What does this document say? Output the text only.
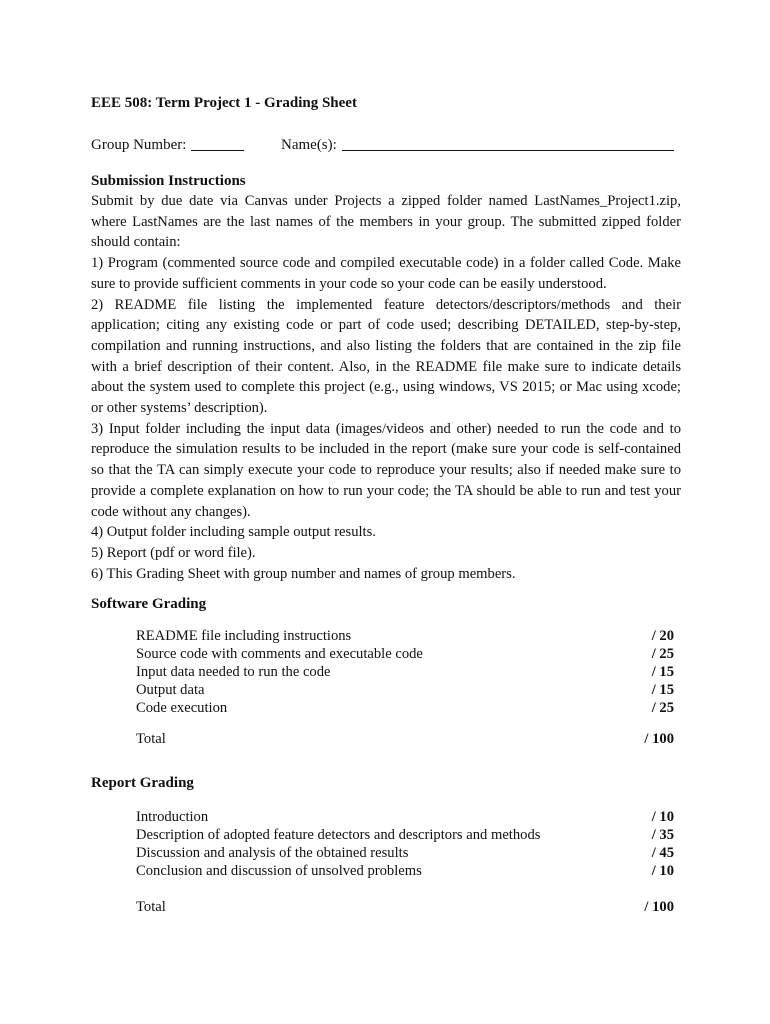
EEE 508: Term Project 1 - Grading Sheet
Group Number:	Name(s):
Submission Instructions

Submit by due date via Canvas under Projects a zipped folder named LastNames_Project1.zip, where LastNames are the last names of the members in your group. The submitted zipped folder should contain:

1) Program (commented source code and compiled executable code) in a folder called Code. Make sure to provide sufficient comments in your code so your code can be easily understood.

2) README file listing the implemented feature detectors/descriptors/methods and their application; citing any existing code or part of code used; describing DETAILED, step-by-step, compilation and running instructions, and also listing the folders that are contained in the zip file with a brief description of their content. Also, in the README file make sure to indicate details about the system used to complete this project (e.g., using windows, VS 2015; or Mac using xcode; or other systems’ description).

3) Input folder including the input data (images/videos and other) needed to run the code and to reproduce the simulation results to be included in the report (make sure your code is self-contained so that the TA can simply execute your code to reproduce your results; also if needed make sure to provide a complete explanation on how to run your code; the TA should be able to run and test your code without any changes).

4) Output folder including sample output results.

5) Report (pdf or word file).

6) This Grading Sheet with group number and names of group members.

Software Grading
README file including instructions	/ 20
Source code with comments and executable code	/ 25
Input data needed to run the code	/ 15
Output data	/ 15
Code execution	/ 25
Total	/ 100
Report Grading
Introduction	/ 10
Description of adopted feature detectors and descriptors and methods	/ 35
Discussion and analysis of the obtained results	/ 45
Conclusion and discussion of unsolved problems	/ 10
Total	/ 100
